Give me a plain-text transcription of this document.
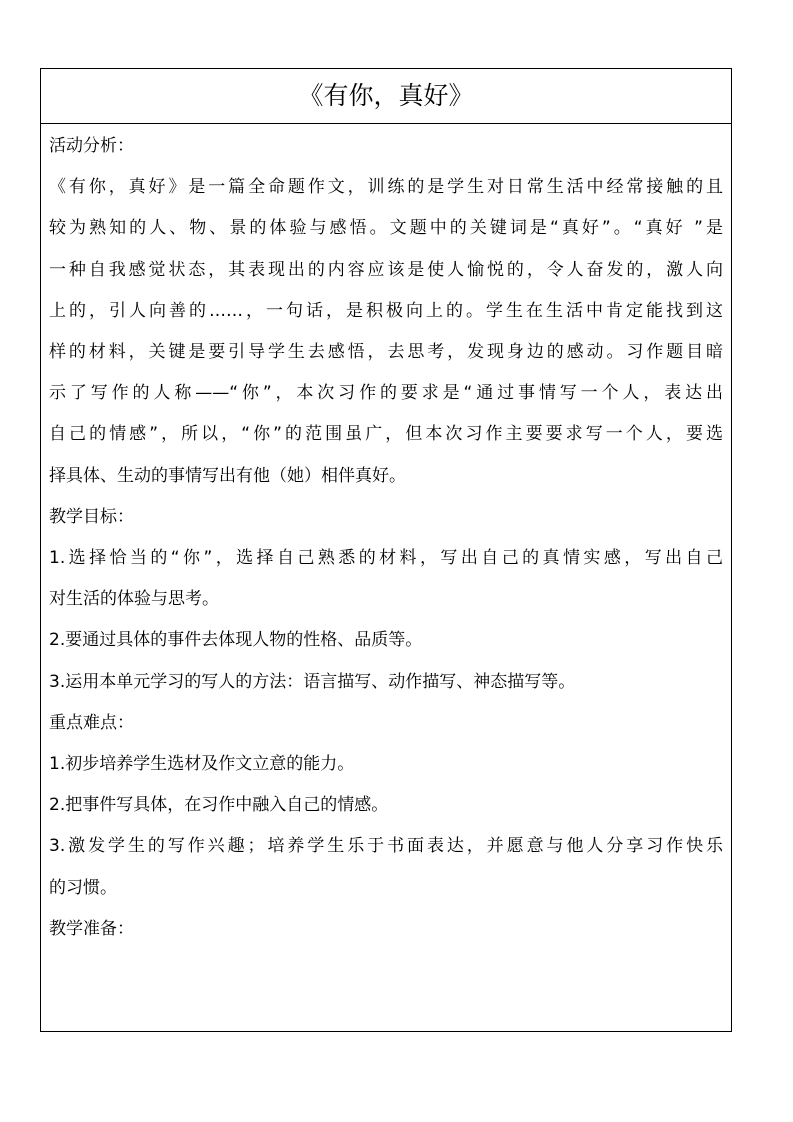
《有你，真好》
活动分析：
《有你，真好》是一篇全命题作文，训练的是学生对日常生活中经常接触的且
较为熟知的人、物、景的体验与感悟。文题中的关键词是“真好”。“真好 ”是
一种自我感觉状态，其表现出的内容应该是使人愉悦的，令人奋发的，激人向
上的，引人向善的……，一句话，是积极向上的。学生在生活中肯定能找到这
样的材料，关键是要引导学生去感悟，去思考，发现身边的感动。习作题目暗
示了写作的人称——“你”，本次习作的要求是“通过事情写一个人，表达出
自己的情感”，所以，“你”的范围虽广，但本次习作主要要求写一个人，要选
择具体、生动的事情写出有他（她）相伴真好。
教学目标：
1.选择恰当的“你”，选择自己熟悉的材料，写出自己的真情实感，写出自己
对生活的体验与思考。
2.要通过具体的事件去体现人物的性格、品质等。
3.运用本单元学习的写人的方法：语言描写、动作描写、神态描写等。
重点难点：
1.初步培养学生选材及作文立意的能力。
2.把事件写具体，在习作中融入自己的情感。
3.激发学生的写作兴趣；培养学生乐于书面表达，并愿意与他人分享习作快乐
的习惯。
教学准备：
